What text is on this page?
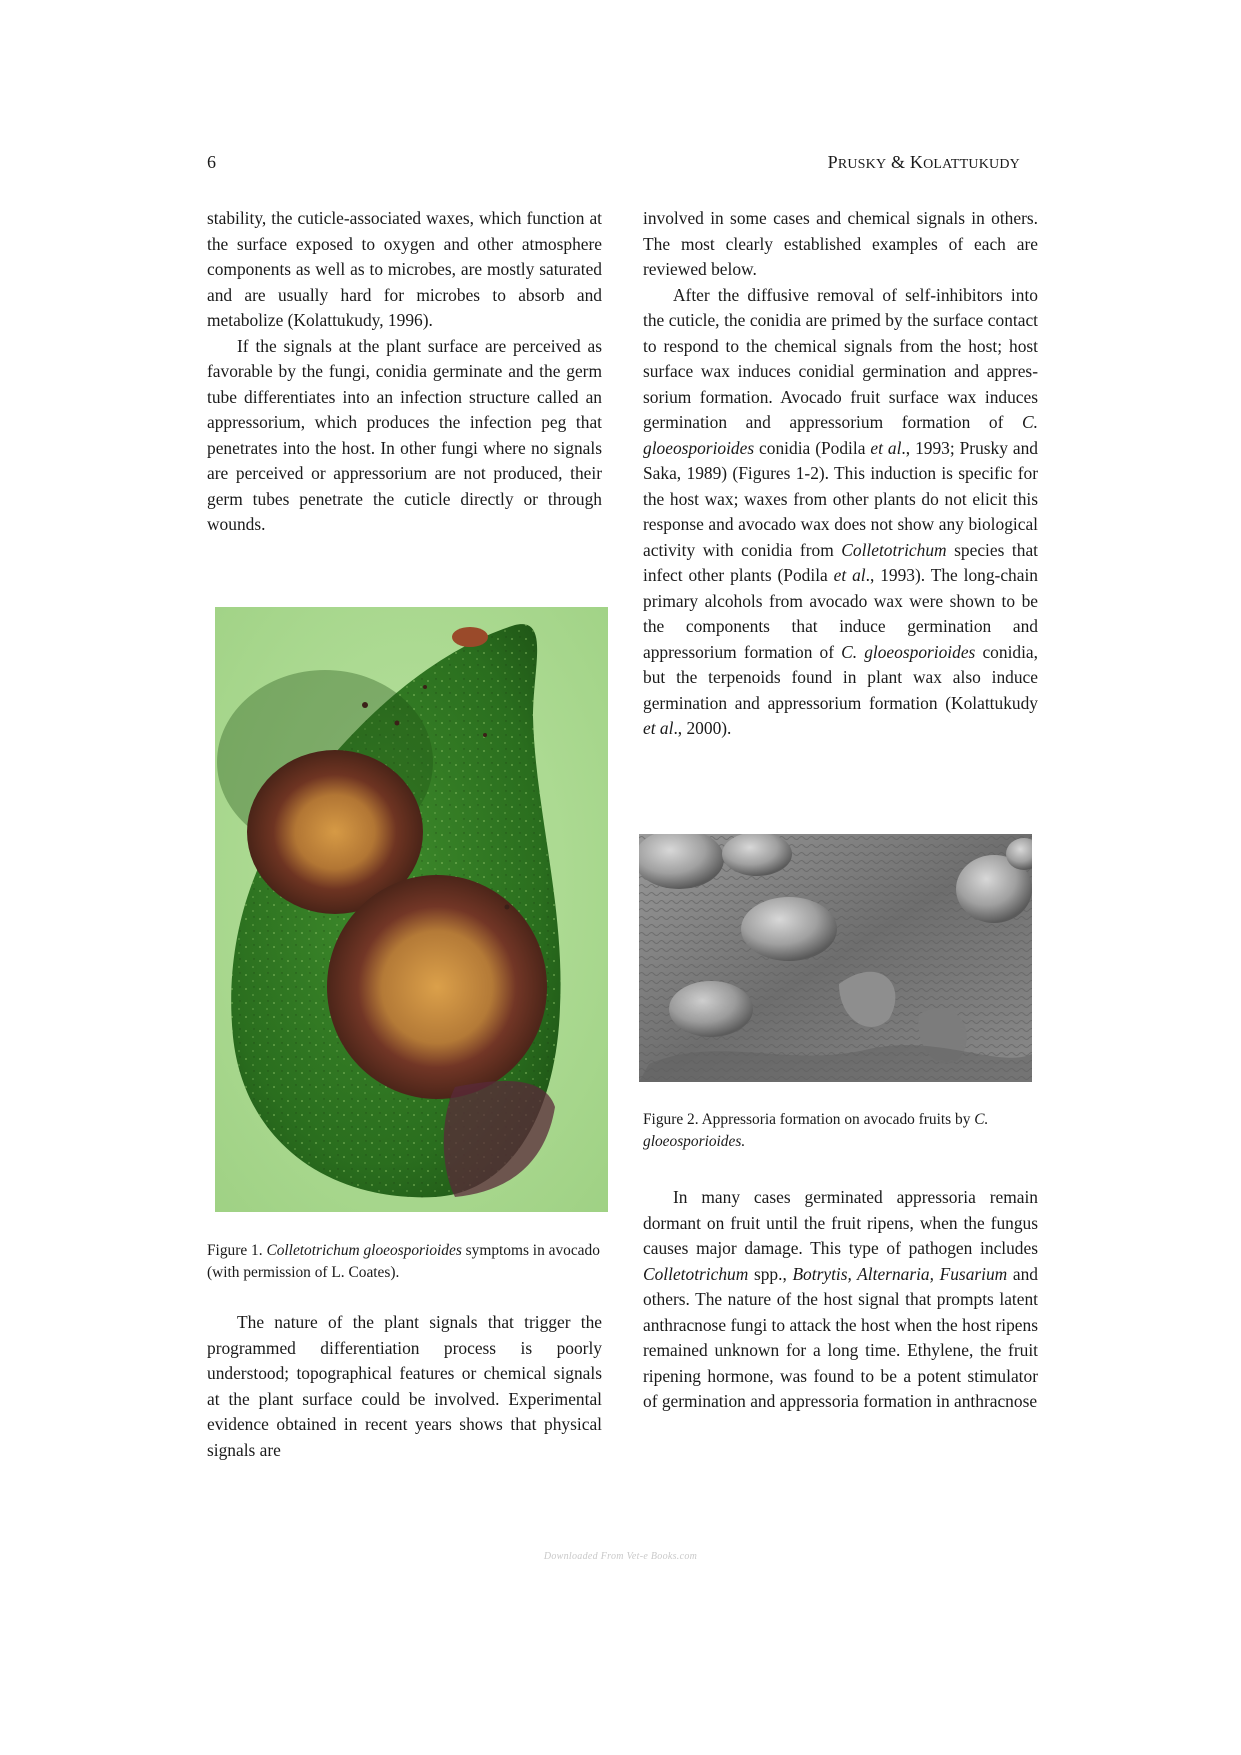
6	PRUSKY & KOLATTUKUDY

stability, the cuticle-associated waxes, which function at the surface exposed to oxygen and other atmosphere components as well as to microbes, are mostly saturated and are usually hard for microbes to absorb and metabolize (Kolattukudy, 1996).

If the signals at the plant surface are perceived as favorable by the fungi, conidia germinate and the germ tube differentiates into an infection structure called an appressorium, which produces the infection peg that penetrates into the host. In other fungi where no signals are perceived or appressorium are not produced, their germ tubes penetrate the cuticle directly or through wounds.

Figure 1. Colletotrichum gloeosporioides symptoms in avocado (with permission of L. Coates).

The nature of the plant signals that trigger the programmed differentiation process is poorly understood; topographical features or chemical signals at the plant surface could be involved. Experimental evidence obtained in recent years shows that physical signals are

involved in some cases and chemical signals in others. The most clearly established examples of each are reviewed below.

After the diffusive removal of self-inhibitors into the cuticle, the conidia are primed by the surface contact to respond to the chemical signals from the host; host surface wax induces conidial germination and appressorium formation. Avocado fruit surface wax induces germination and appressorium formation of C. gloeosporioides conidia (Podila et al., 1993; Prusky and Saka, 1989) (Figures 1-2). This induction is specific for the host wax; waxes from other plants do not elicit this response and avocado wax does not show any biological activity with conidia from Colletotrichum species that infect other plants (Podila et al., 1993). The long-chain primary alcohols from avocado wax were shown to be the components that induce germination and appressorium formation of C. gloeosporioides conidia, but the terpenoids found in plant wax also induce germination and appressorium formation (Kolattukudy et al., 2000).

Figure 2. Appressoria formation on avocado fruits by C. gloeosporioides.

In many cases germinated appressoria remain dormant on fruit until the fruit ripens, when the fungus causes major damage. This type of pathogen includes Colletotrichum spp., Botrytis, Alternaria, Fusarium and others. The nature of the host signal that prompts latent anthracnose fungi to attack the host when the host ripens remained unknown for a long time. Ethylene, the fruit ripening hormone, was found to be a potent stimulator of germination and appressoria formation in anthracnose

Downloaded From Vet-e Books.com
